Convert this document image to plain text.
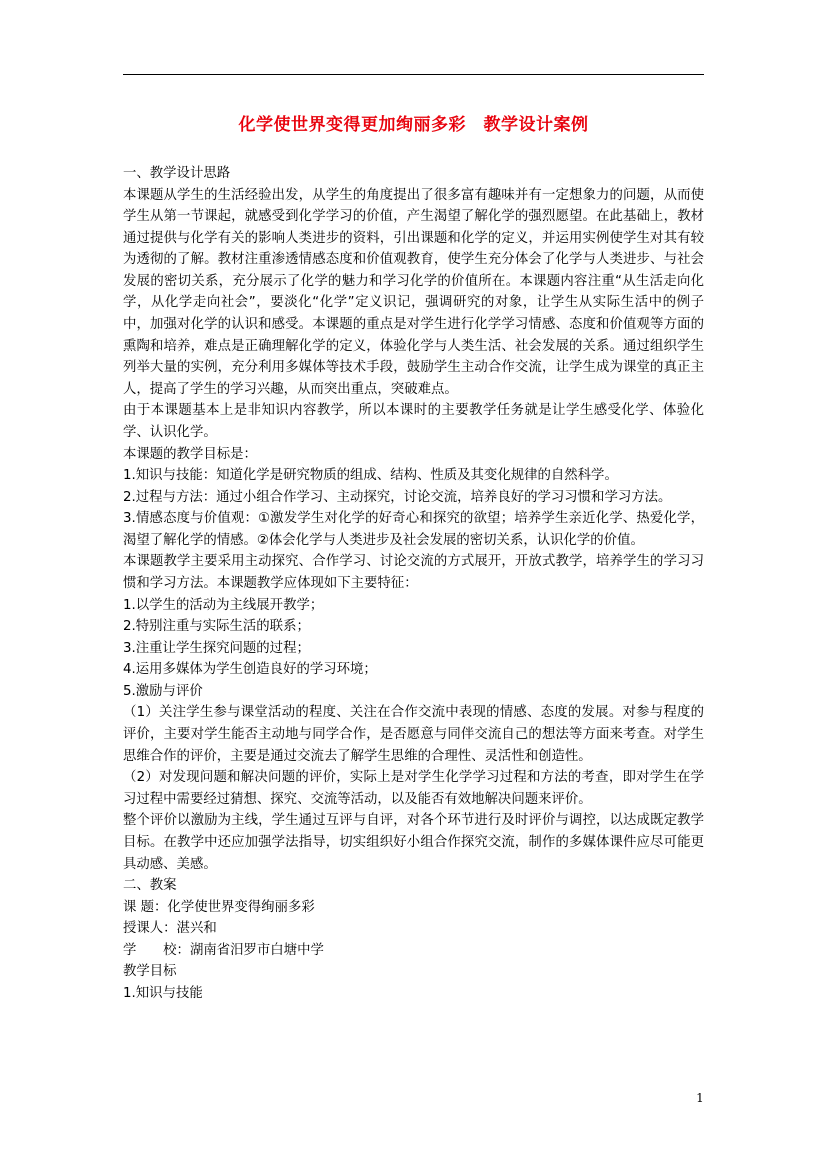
化学使世界变得更加绚丽多彩　教学设计案例

一、教学设计思路

本课题从学生的生活经验出发，从学生的角度提出了很多富有趣味并有一定想象力的问题，从而使学生从第一节课起，就感受到化学学习的价值，产生渴望了解化学的强烈愿望。在此基础上，教材通过提供与化学有关的影响人类进步的资料，引出课题和化学的定义，并运用实例使学生对其有较为透彻的了解。教材注重渗透情感态度和价值观教育，使学生充分体会了化学与人类进步、与社会发展的密切关系，充分展示了化学的魅力和学习化学的价值所在。本课题内容注重“从生活走向化学，从化学走向社会”，要淡化“化学”定义识记，强调研究的对象，让学生从实际生活中的例子中，加强对化学的认识和感受。本课题的重点是对学生进行化学学习情感、态度和价值观等方面的熏陶和培养，难点是正确理解化学的定义，体验化学与人类生活、社会发展的关系。通过组织学生列举大量的实例，充分利用多媒体等技术手段，鼓励学生主动合作交流，让学生成为课堂的真正主人，提高了学生的学习兴趣，从而突出重点，突破难点。

由于本课题基本上是非知识内容教学，所以本课时的主要教学任务就是让学生感受化学、体验化学、认识化学。

本课题的教学目标是：

1.知识与技能：知道化学是研究物质的组成、结构、性质及其变化规律的自然科学。

2.过程与方法：通过小组合作学习、主动探究，讨论交流，培养良好的学习习惯和学习方法。

3.情感态度与价值观：①激发学生对化学的好奇心和探究的欲望；培养学生亲近化学、热爱化学，渴望了解化学的情感。②体会化学与人类进步及社会发展的密切关系，认识化学的价值。

本课题教学主要采用主动探究、合作学习、讨论交流的方式展开，开放式教学，培养学生的学习习惯和学习方法。本课题教学应体现如下主要特征：

1.以学生的活动为主线展开教学；

2.特别注重与实际生活的联系；

3.注重让学生探究问题的过程；

4.运用多媒体为学生创造良好的学习环境；

5.激励与评价

（1）关注学生参与课堂活动的程度、关注在合作交流中表现的情感、态度的发展。对参与程度的评价，主要对学生能否主动地与同学合作，是否愿意与同伴交流自己的想法等方面来考查。对学生思维合作的评价，主要是通过交流去了解学生思维的合理性、灵活性和创造性。

（2）对发现问题和解决问题的评价，实际上是对学生化学学习过程和方法的考查，即对学生在学习过程中需要经过猜想、探究、交流等活动，以及能否有效地解决问题来评价。

整个评价以激励为主线，学生通过互评与自评，对各个环节进行及时评价与调控，以达成既定教学目标。在教学中还应加强学法指导，切实组织好小组合作探究交流，制作的多媒体课件应尽可能更具动感、美感。

二、教案

课 题：化学使世界变得绚丽多彩

授课人：湛兴和

学　　校：湖南省汨罗市白塘中学

教学目标

1.知识与技能

1
